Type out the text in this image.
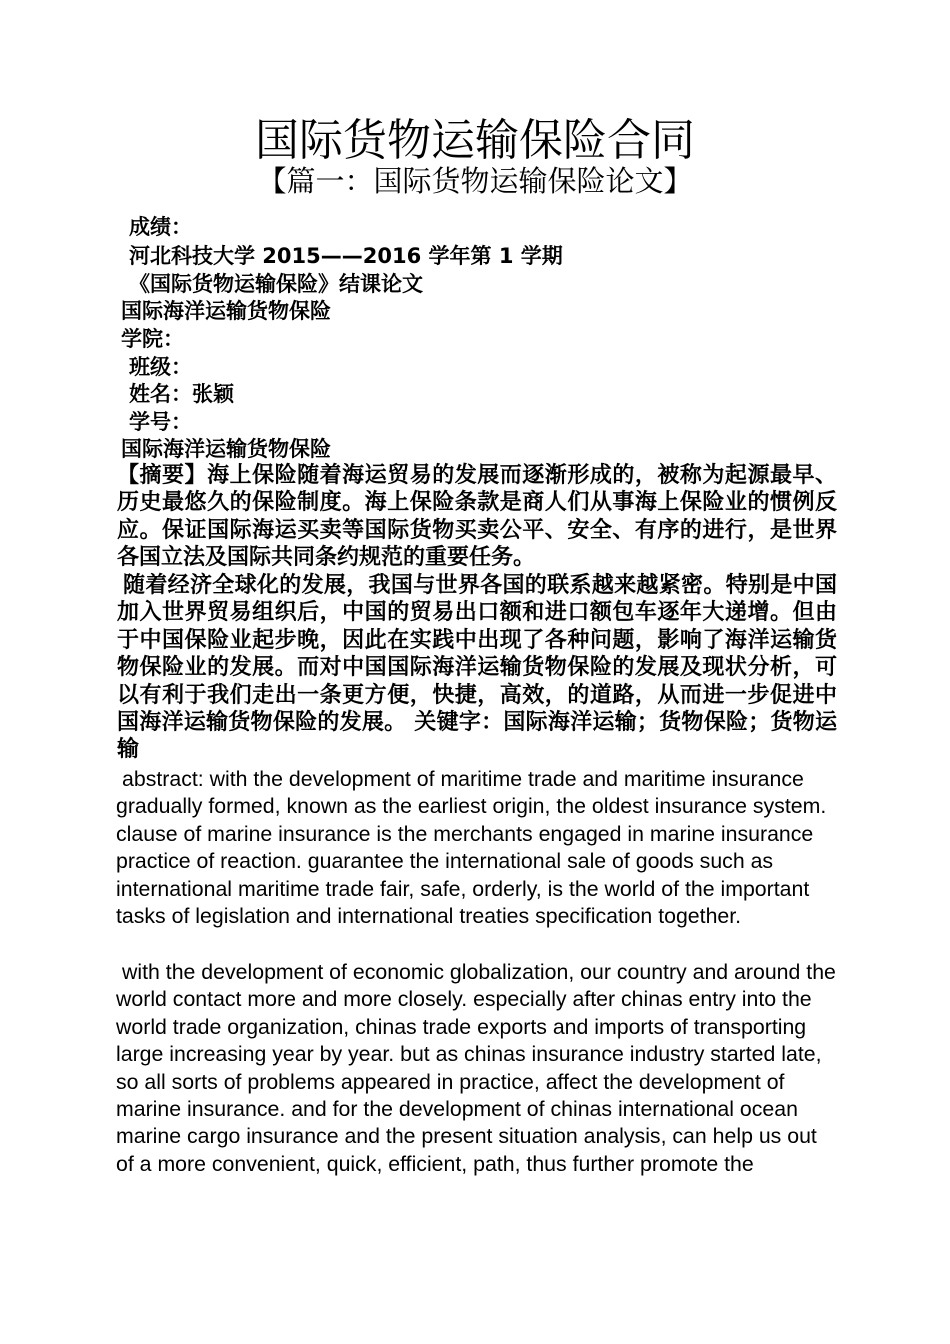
国际货物运输保险合同
【篇一：国际货物运输保险论文】
成绩：
河北科技大学 2015——2016 学年第 1 学期
《国际货物运输保险》结课论文
国际海洋运输货物保险
学院：
班级：
姓名：张颖
学号：
国际海洋运输货物保险
【摘要】海上保险随着海运贸易的发展而逐渐形成的，被称为起源最早、历史最悠久的保险制度。海上保险条款是商人们从事海上保险业的惯例反应。保证国际海运买卖等国际货物买卖公平、安全、有序的进行，是世界各国立法及国际共同条约规范的重要任务。
随着经济全球化的发展，我国与世界各国的联系越来越紧密。特别是中国加入世界贸易组织后，中国的贸易出口额和进口额包车逐年大递增。但由于中国保险业起步晚，因此在实践中出现了各种问题，影响了海洋运输货物保险业的发展。而对中国国际海洋运输货物保险的发展及现状分析，可以有利于我们走出一条更方便，快捷，高效，的道路，从而进一步促进中国海洋运输货物保险的发展。 关键字：国际海洋运输；货物保险；货物运输
abstract: with the development of maritime trade and maritime insurance gradually formed, known as the earliest origin, the oldest insurance system. clause of marine insurance is the merchants engaged in marine insurance practice of reaction. guarantee the international sale of goods such as international maritime trade fair, safe, orderly, is the world of the important tasks of legislation and international treaties specification together.
with the development of economic globalization, our country and around the world contact more and more closely. especially after chinas entry into the world trade organization, chinas trade exports and imports of transporting large increasing year by year. but as chinas insurance industry started late, so all sorts of problems appeared in practice, affect the development of marine insurance. and for the development of chinas international ocean marine cargo insurance and the present situation analysis, can help us out of a more convenient, quick, efficient, path, thus further promote the
